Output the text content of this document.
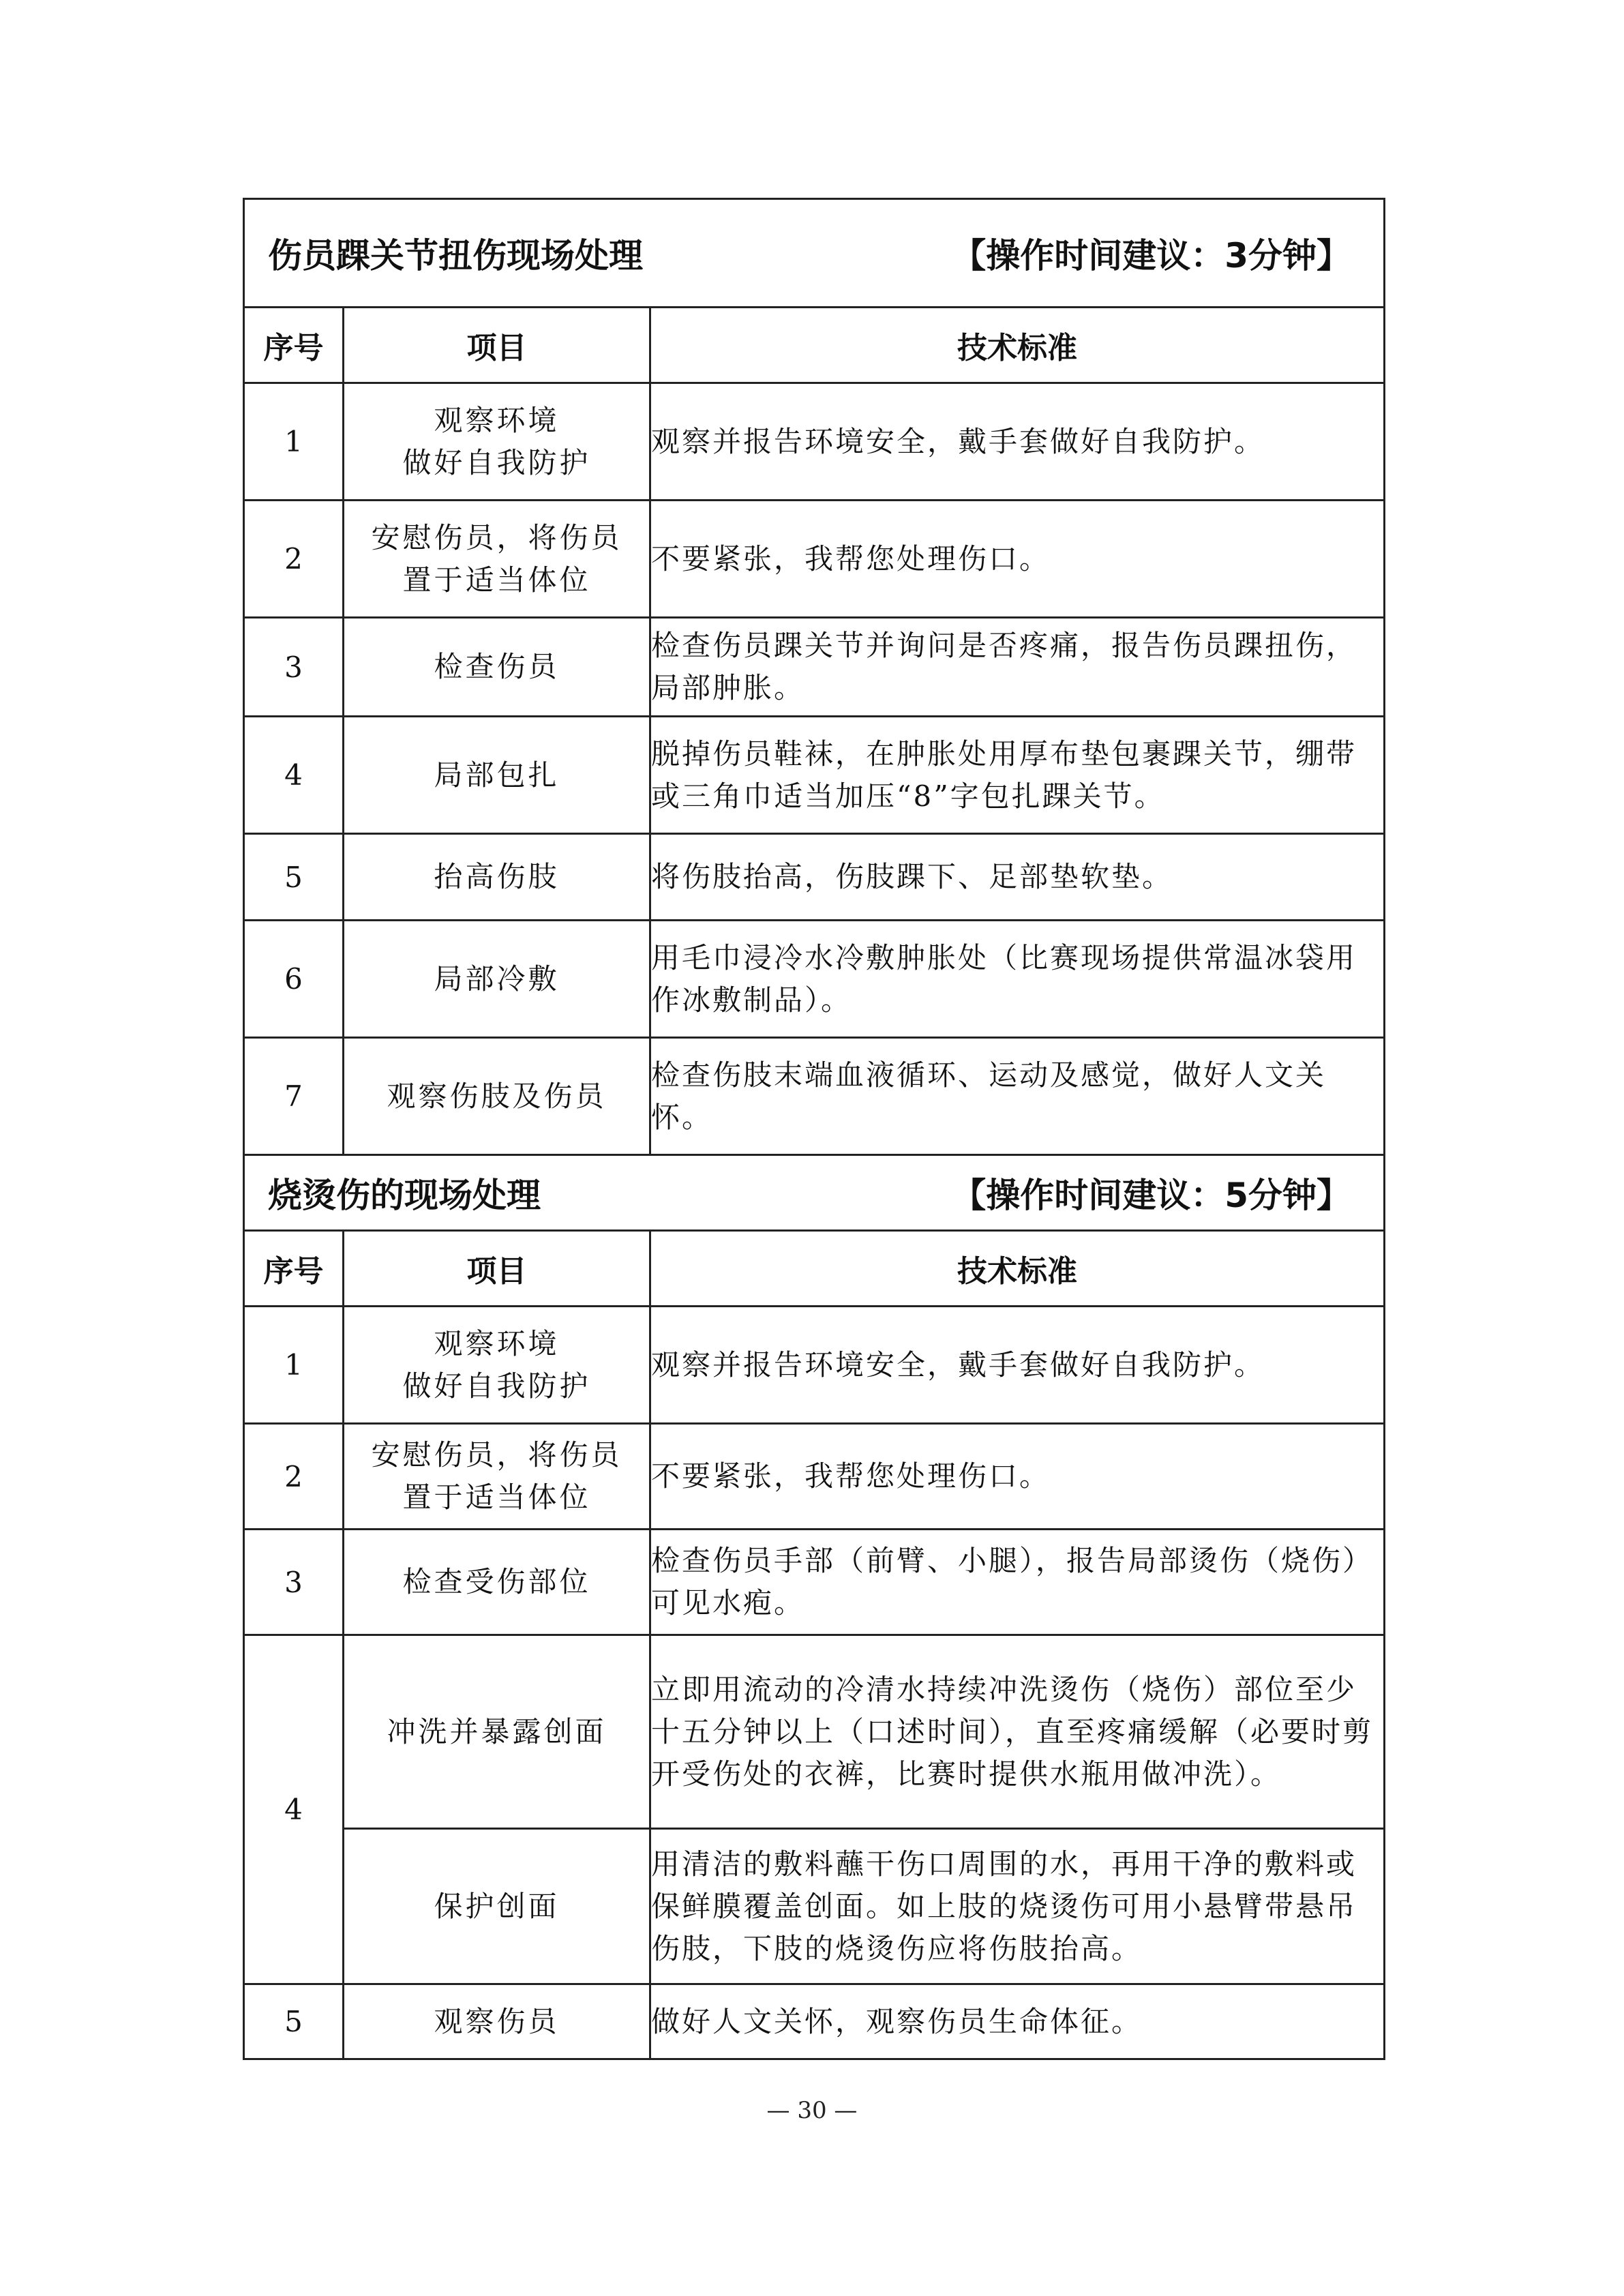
伤员踝关节扭伤现场处理 【操作时间建议：3分钟】		

序号	项目	技术标准
1	观察环境
做好自我防护	观察并报告环境安全，戴手套做好自我防护。
2	安慰伤员，将伤员
置于适当体位	不要紧张，我帮您处理伤口。
3	检查伤员	检查伤员踝关节并询问是否疼痛，报告伤员踝扭伤，局部肿胀。
4	局部包扎	脱掉伤员鞋袜，在肿胀处用厚布垫包裹踝关节，绷带或三角巾适当加压“8”字包扎踝关节。
5	抬高伤肢	将伤肢抬高，伤肢踝下、足部垫软垫。
6	局部冷敷	用毛巾浸冷水冷敷肿胀处（比赛现场提供常温冰袋用作冰敷制品）。
7	观察伤肢及伤员	检查伤肢末端血液循环、运动及感觉，做好人文关怀。

烧烫伤的现场处理 【操作时间建议：5分钟】		

序号	项目	技术标准
1	观察环境
做好自我防护	观察并报告环境安全，戴手套做好自我防护。
2	安慰伤员，将伤员
置于适当体位	不要紧张，我帮您处理伤口。
3	检查受伤部位	检查伤员手部（前臂、小腿），报告局部烫伤（烧伤）可见水疱。
4	冲洗并暴露创面	立即用流动的冷清水持续冲洗烫伤（烧伤）部位至少十五分钟以上（口述时间），直至疼痛缓解（必要时剪开受伤处的衣裤，比赛时提供水瓶用做冲洗）。
	保护创面	用清洁的敷料蘸干伤口周围的水，再用干净的敷料或保鲜膜覆盖创面。如上肢的烧烫伤可用小悬臂带悬吊伤肢，下肢的烧烫伤应将伤肢抬高。
5	观察伤员	做好人文关怀，观察伤员生命体征。
— 30 —
